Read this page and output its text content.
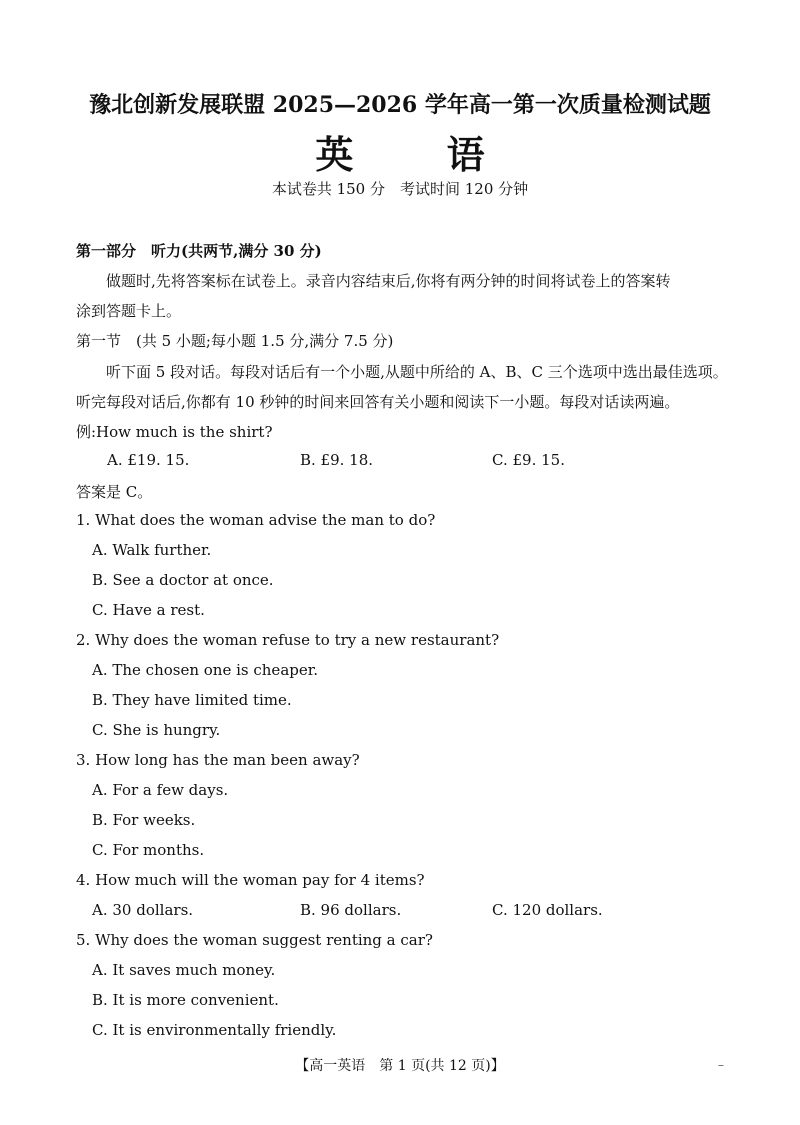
豫北创新发展联盟 2025—2026 学年高一第一次质量检测试题
英 语
本试卷共 150 分　考试时间 120 分钟
第一部分　听力(共两节,满分 30 分)
做题时,先将答案标在试卷上。录音内容结束后,你将有两分钟的时间将试卷上的答案转
涂到答题卡上。
第一节　(共 5 小题;每小题 1.5 分,满分 7.5 分)
听下面 5 段对话。每段对话后有一个小题,从题中所给的 A、B、C 三个选项中选出最佳选项。
听完每段对话后,你都有 10 秒钟的时间来回答有关小题和阅读下一小题。每段对话读两遍。
例:How much is the shirt?
A. £19. 15.	B. £9. 18.	C. £9. 15.
答案是 C。
1. What does the woman advise the man to do?
A. Walk further.
B. See a doctor at once.
C. Have a rest.
2. Why does the woman refuse to try a new restaurant?
A. The chosen one is cheaper.
B. They have limited time.
C. She is hungry.
3. How long has the man been away?
A. For a few days.
B. For weeks.
C. For months.
4. How much will the woman pay for 4 items?
A. 30 dollars.	B. 96 dollars.	C. 120 dollars.
5. Why does the woman suggest renting a car?
A. It saves much money.
B. It is more convenient.
C. It is environmentally friendly.
【高一英语　第 1 页(共 12 页)】	–
